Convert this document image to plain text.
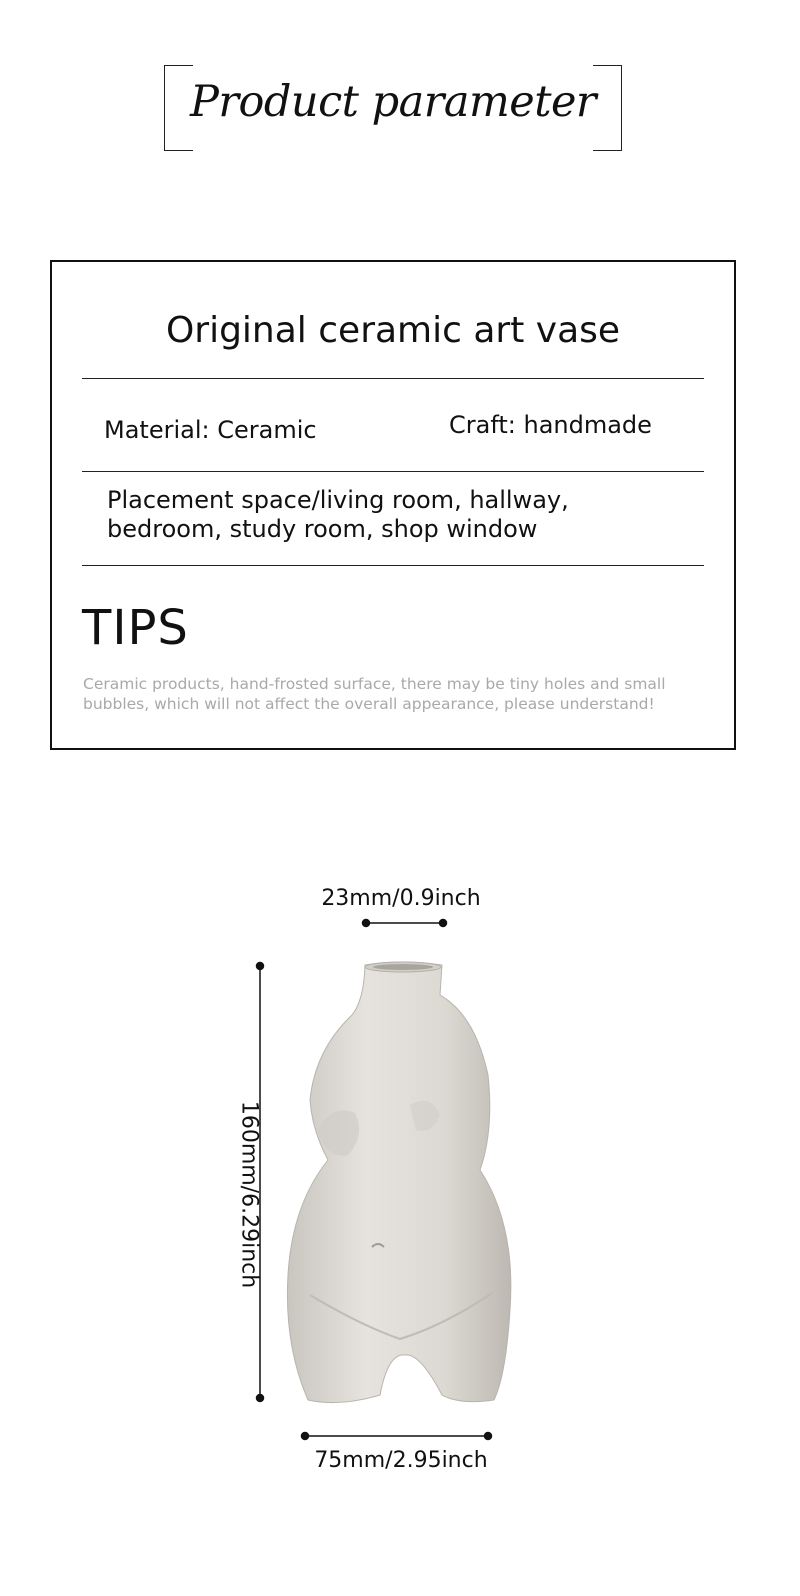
Product parameter
Original ceramic art vase
Material: Ceramic	Craft: handmade
Placement space/living room, hallway, bedroom, study room, shop window
TIPS
Ceramic products, hand-frosted surface, there may be tiny holes and small bubbles, which will not affect the overall appearance, please understand!
23mm/0.9inch
160mm/6.29inch
75mm/2.95inch
